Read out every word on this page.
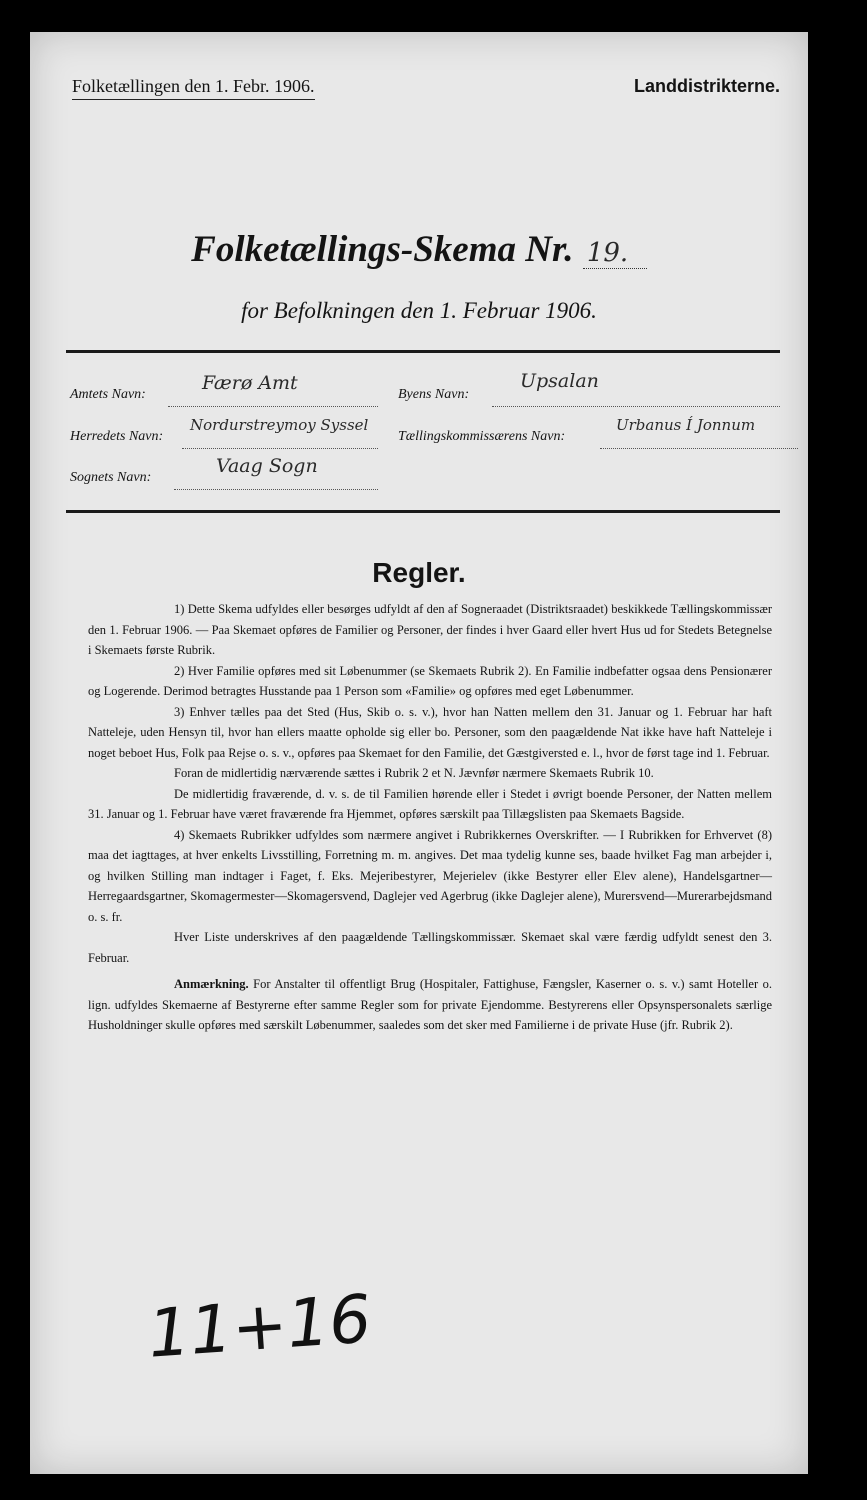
Folketællingen den 1. Febr. 1906.	Landdistrikterne.
Folketællings-Skema Nr. 19.
for Befolkningen den 1. Februar 1906.
Amtets Navn:
Færø Amt
Byens Navn:
Upsalan
Herredets Navn:
Nordurstreymoy Syssel
Tællingskommissærens Navn:
Urbanus Í Jonnum
Sognets Navn:
Vaag Sogn
Regler.

1) Dette Skema udfyldes eller besørges udfyldt af den af Sogneraadet (Distriktsraadet) beskikkede Tællingskommissær den 1. Februar 1906. — Paa Skemaet opføres de Familier og Personer, der findes i hver Gaard eller hvert Hus ud for Stedets Betegnelse i Skemaets første Rubrik.

2) Hver Familie opføres med sit Løbenummer (se Skemaets Rubrik 2). En Familie indbefatter ogsaa dens Pensionærer og Logerende. Derimod betragtes Husstande paa 1 Person som «Familie» og opføres med eget Løbenummer.

3) Enhver tælles paa det Sted (Hus, Skib o. s. v.), hvor han Natten mellem den 31. Januar og 1. Februar har haft Natteleje, uden Hensyn til, hvor han ellers maatte opholde sig eller bo. Personer, som den paagældende Nat ikke have haft Natteleje i noget beboet Hus, Folk paa Rejse o. s. v., opføres paa Skemaet for den Familie, det Gæstgiversted e. l., hvor de først tage ind 1. Februar.

Foran de midlertidig nærværende sættes i Rubrik 2 et N. Jævnfør nærmere Skemaets Rubrik 10.

De midlertidig fraværende, d. v. s. de til Familien hørende eller i Stedet i øvrigt boende Personer, der Natten mellem 31. Januar og 1. Februar have været fraværende fra Hjemmet, opføres særskilt paa Tillægslisten paa Skemaets Bagside.

4) Skemaets Rubrikker udfyldes som nærmere angivet i Rubrikkernes Overskrifter. — I Rubrikken for Erhvervet (8) maa det iagttages, at hver enkelts Livsstilling, Forretning m. m. angives. Det maa tydelig kunne ses, baade hvilket Fag man arbejder i, og hvilken Stilling man indtager i Faget, f. Eks. Mejeribestyrer, Mejerielev (ikke Bestyrer eller Elev alene), Handelsgartner—Herregaardsgartner, Skomagermester—Skomagersvend, Daglejer ved Agerbrug (ikke Daglejer alene), Murersvend—Murerarbejdsmand o. s. fr.

Hver Liste underskrives af den paagældende Tællingskommissær. Skemaet skal være færdig udfyldt senest den 3. Februar.

Anmærkning. For Anstalter til offentligt Brug (Hospitaler, Fattighuse, Fængsler, Kaserner o. s. v.) samt Hoteller o. lign. udfyldes Skemaerne af Bestyrerne efter samme Regler som for private Ejendomme. Bestyrerens eller Opsynspersonalets særlige Husholdninger skulle opføres med særskilt Løbenummer, saaledes som det sker med Familierne i de private Huse (jfr. Rubrik 2).

11+16
